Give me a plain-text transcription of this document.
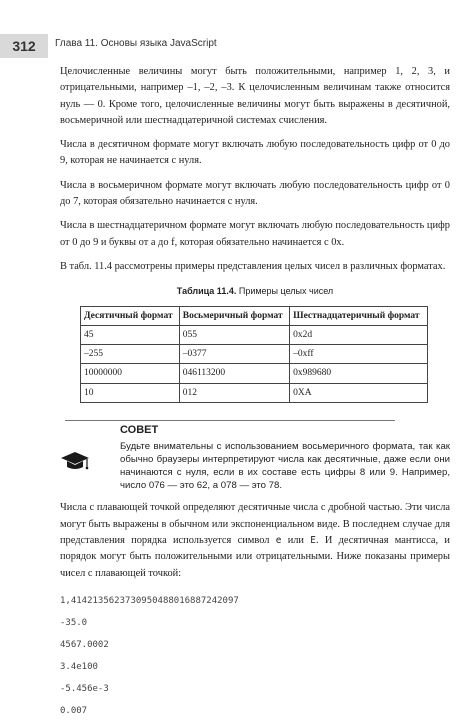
312	Глава 11. Основы языка JavaScript

Целочисленные величины могут быть положительными, например 1, 2, 3, и отрицательными, например –1, –2, –3. К целочисленным величинам также относится нуль — 0. Кроме того, целочисленные величины могут быть выражены в десятичной, восьмеричной или шестнадцатеричной системах счисления.

Числа в десятичном формате могут включать любую последовательность цифр от 0 до 9, которая не начинается с нуля.

Числа в восьмеричном формате могут включать любую последовательность цифр от 0 до 7, которая обязательно начинается с нуля.

Числа в шестнадцатеричном формате могут включать любую последовательность цифр от 0 до 9 и буквы от a до f, которая обязательно начинается с 0x.

В табл. 11.4 рассмотрены примеры представления целых чисел в различных форматах.

Таблица 11.4. Примеры целых чисел
Десятичный формат	Восьмеричный формат	Шестнадцатеричный формат
45	055	0x2d
–255	–0377	–0xff
10000000	046113200	0x989680
10	012	0XA
СОВЕТ
Будьте внимательны с использованием восьмеричного формата, так как обычно браузеры интерпретируют числа как десятичные, даже если они начинаются с нуля, если в их составе есть цифры 8 или 9. Например, число 076 — это 62, а 078 — это 78.

Числа с плавающей точкой определяют десятичные числа с дробной частью. Эти числа могут быть выражены в обычном или экспоненциальном виде. В последнем случае для представления порядка используется символ e или E. И десятичная мантисса, и порядок могут быть положительными или отрицательными. Ниже показаны примеры чисел с плавающей точкой:

1,4142135623730950488016887242097
-35.0
4567.0002
3.4e100
-5.456e-3
0.007
